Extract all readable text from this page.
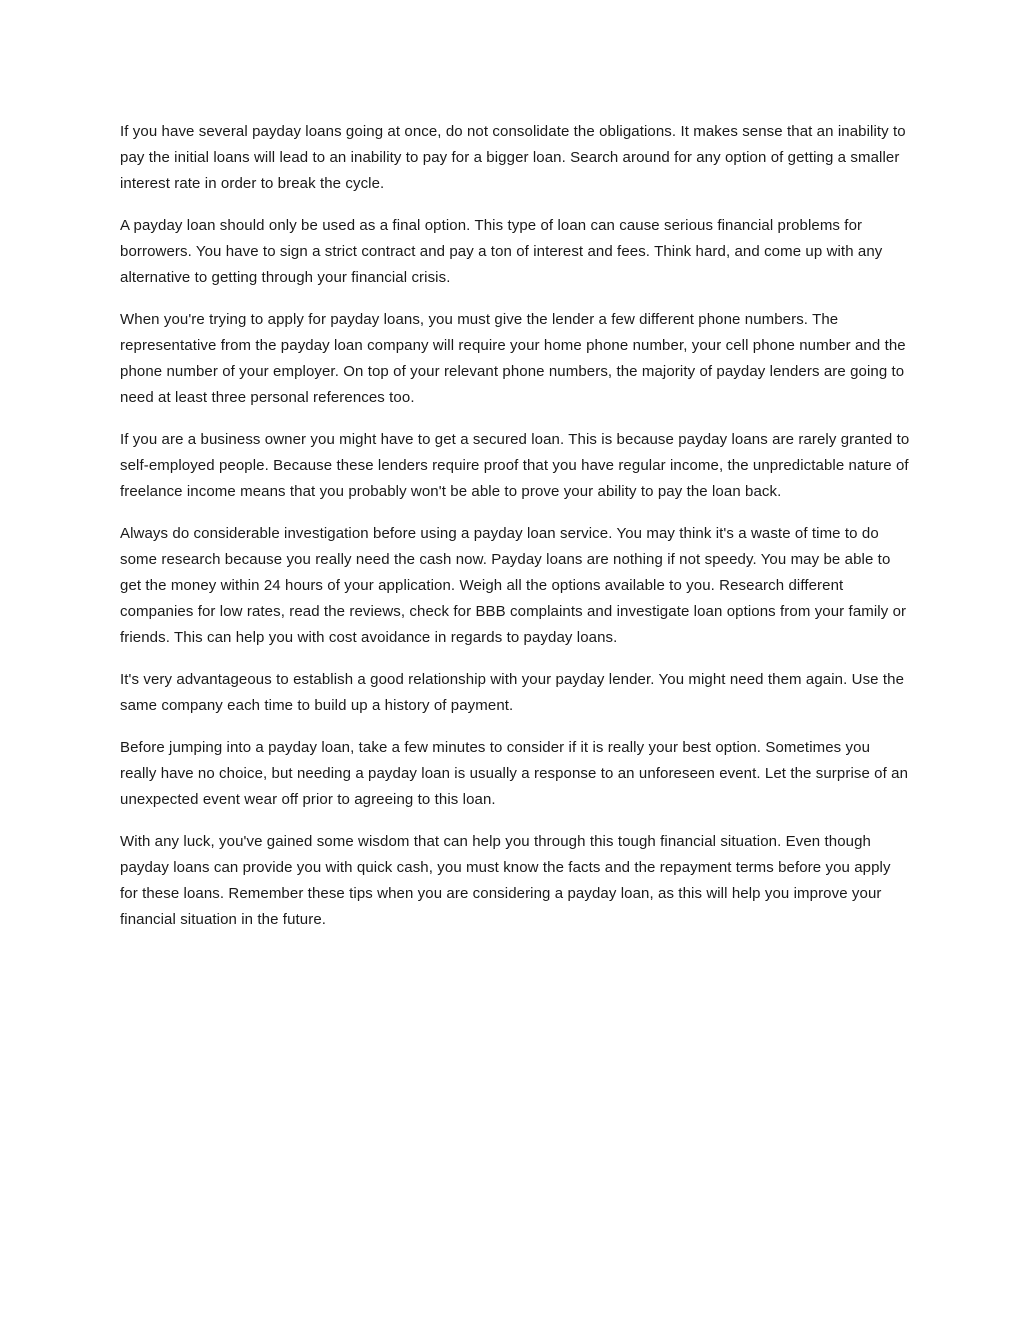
If you have several payday loans going at once, do not consolidate the obligations. It makes sense that an inability to pay the initial loans will lead to an inability to pay for a bigger loan. Search around for any option of getting a smaller interest rate in order to break the cycle.

A payday loan should only be used as a final option. This type of loan can cause serious financial problems for borrowers. You have to sign a strict contract and pay a ton of interest and fees. Think hard, and come up with any alternative to getting through your financial crisis.

When you're trying to apply for payday loans, you must give the lender a few different phone numbers. The representative from the payday loan company will require your home phone number, your cell phone number and the phone number of your employer. On top of your relevant phone numbers, the majority of payday lenders are going to need at least three personal references too.

If you are a business owner you might have to get a secured loan. This is because payday loans are rarely granted to self-employed people. Because these lenders require proof that you have regular income, the unpredictable nature of freelance income means that you probably won't be able to prove your ability to pay the loan back.

Always do considerable investigation before using a payday loan service. You may think it's a waste of time to do some research because you really need the cash now. Payday loans are nothing if not speedy. You may be able to get the money within 24 hours of your application. Weigh all the options available to you. Research different companies for low rates, read the reviews, check for BBB complaints and investigate loan options from your family or friends. This can help you with cost avoidance in regards to payday loans.

It's very advantageous to establish a good relationship with your payday lender. You might need them again. Use the same company each time to build up a history of payment.

Before jumping into a payday loan, take a few minutes to consider if it is really your best option. Sometimes you really have no choice, but needing a payday loan is usually a response to an unforeseen event. Let the surprise of an unexpected event wear off prior to agreeing to this loan.

With any luck, you've gained some wisdom that can help you through this tough financial situation. Even though payday loans can provide you with quick cash, you must know the facts and the repayment terms before you apply for these loans. Remember these tips when you are considering a payday loan, as this will help you improve your financial situation in the future.
